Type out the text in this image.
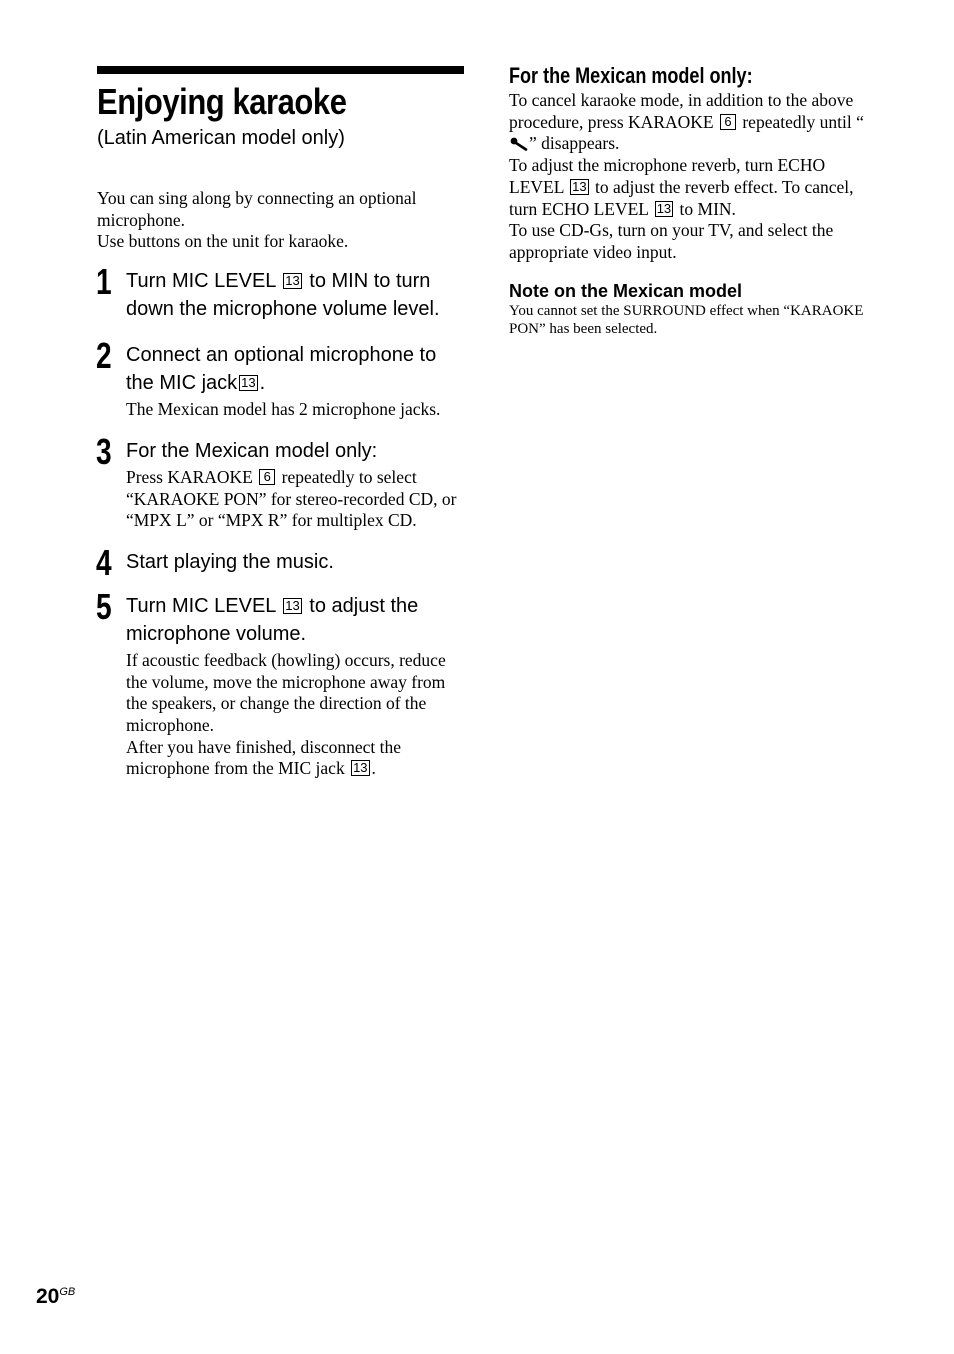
Enjoying karaoke
(Latin American model only)
You can sing along by connecting an optional microphone.
Use buttons on the unit for karaoke.
1 Turn MIC LEVEL 13 to MIN to turn down the microphone volume level.
2 Connect an optional microphone to the MIC jack 13 .
The Mexican model has 2 microphone jacks.
3 For the Mexican model only:
Press KARAOKE 6 repeatedly to select “KARAOKE PON” for stereo-recorded CD, or “MPX L” or “MPX R” for multiplex CD.
4 Start playing the music.
5 Turn MIC LEVEL 13 to adjust the microphone volume.
If acoustic feedback (howling) occurs, reduce the volume, move the microphone away from the speakers, or change the direction of the microphone.
After you have finished, disconnect the microphone from the MIC jack 13 .
For the Mexican model only:
To cancel karaoke mode, in addition to the above procedure, press KARAOKE 6 repeatedly until “” disappears.
To adjust the microphone reverb, turn ECHO LEVEL 13 to adjust the reverb effect. To cancel, turn ECHO LEVEL 13 to MIN.
To use CD-Gs, turn on your TV, and select the appropriate video input.
Note on the Mexican model
You cannot set the SURROUND effect when “KARAOKE PON” has been selected.
$20^{GB}$
